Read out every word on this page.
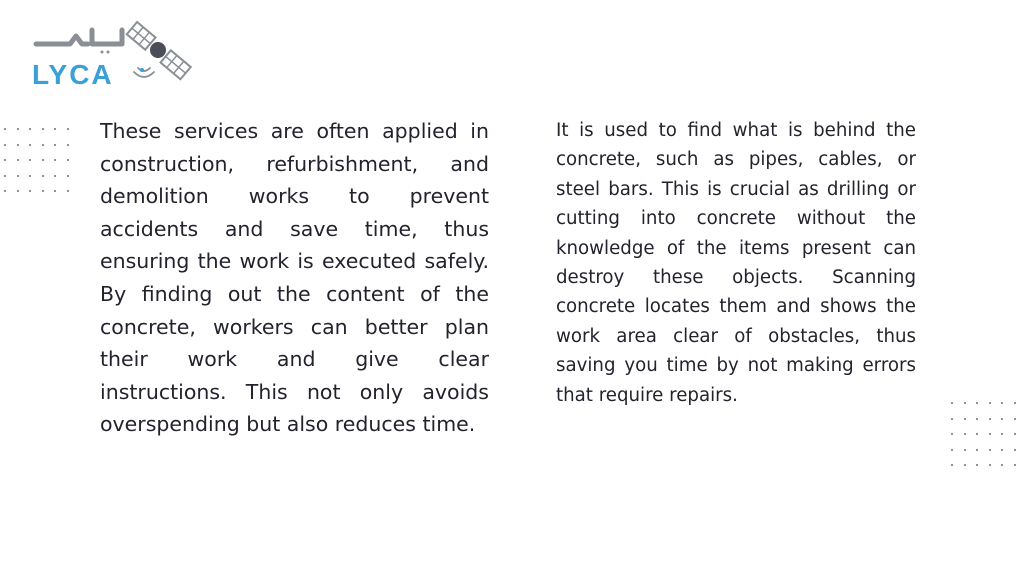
LYCA

These services are often applied in construction, refurbishment, and demolition works to prevent accidents and save time, thus ensuring the work is executed safely. By finding out the content of the concrete, workers can better plan their work and give clear instructions. This not only avoids overspending but also reduces time.

It is used to find what is behind the concrete, such as pipes, cables, or steel bars. This is crucial as drilling or cutting into concrete without the knowledge of the items present can destroy these objects. Scanning concrete locates them and shows the work area clear of obstacles, thus saving you time by not making errors that require repairs.
